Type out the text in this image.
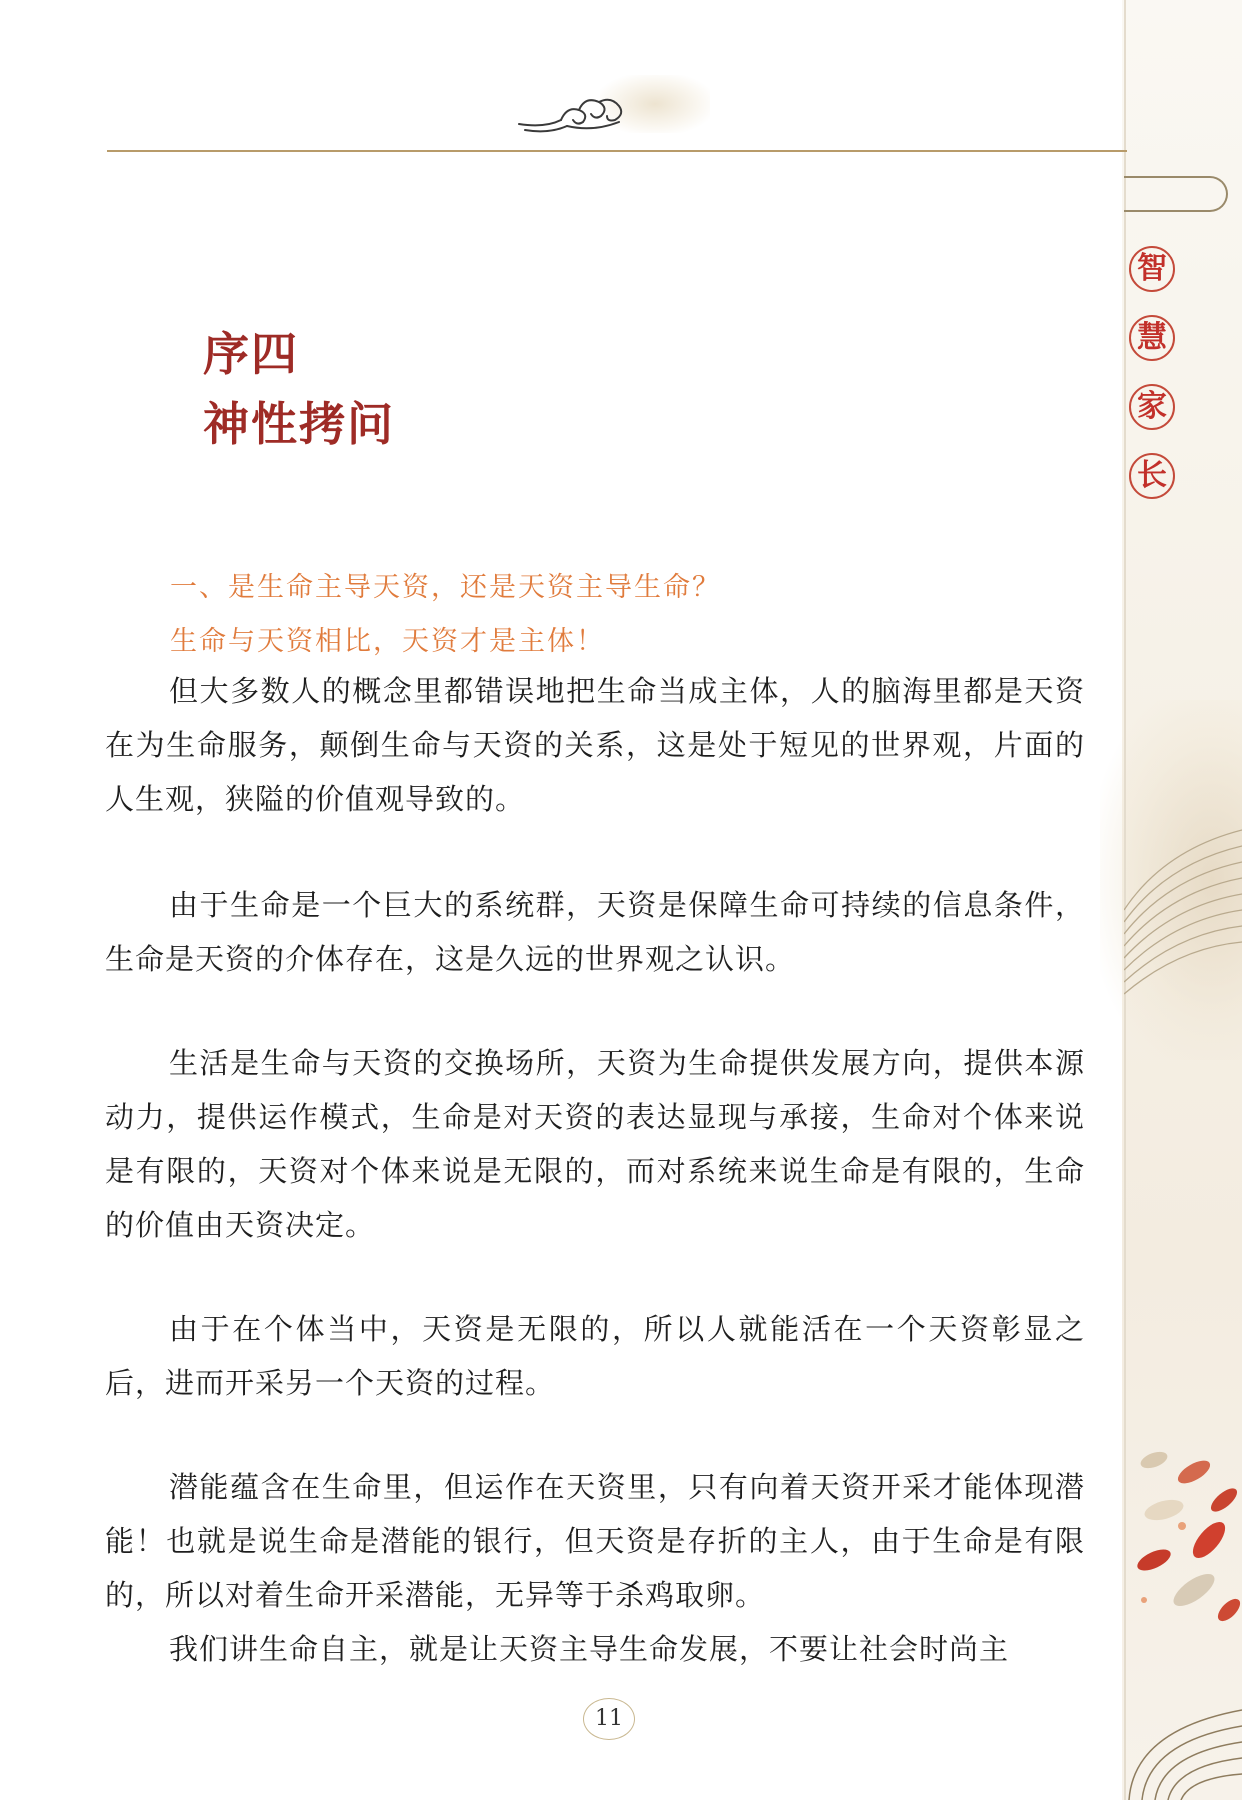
智
慧
家
长
序四
神性拷问
一、是生命主导天资，还是天资主导生命？
生命与天资相比，天资才是主体！

但大多数人的概念里都错误地把生命当成主体，人的脑海里都是天资在为生命服务，颠倒生命与天资的关系，这是处于短见的世界观，片面的人生观，狭隘的价值观导致的。

由于生命是一个巨大的系统群，天资是保障生命可持续的信息条件，生命是天资的介体存在，这是久远的世界观之认识。

生活是生命与天资的交换场所，天资为生命提供发展方向，提供本源动力，提供运作模式，生命是对天资的表达显现与承接，生命对个体来说是有限的，天资对个体来说是无限的，而对系统来说生命是有限的，生命的价值由天资决定。

由于在个体当中，天资是无限的，所以人就能活在一个天资彰显之后，进而开采另一个天资的过程。

潜能蕴含在生命里，但运作在天资里，只有向着天资开采才能体现潜能！也就是说生命是潜能的银行，但天资是存折的主人，由于生命是有限的，所以对着生命开采潜能，无异等于杀鸡取卵。

我们讲生命自主，就是让天资主导生命发展，不要让社会时尚主

11
